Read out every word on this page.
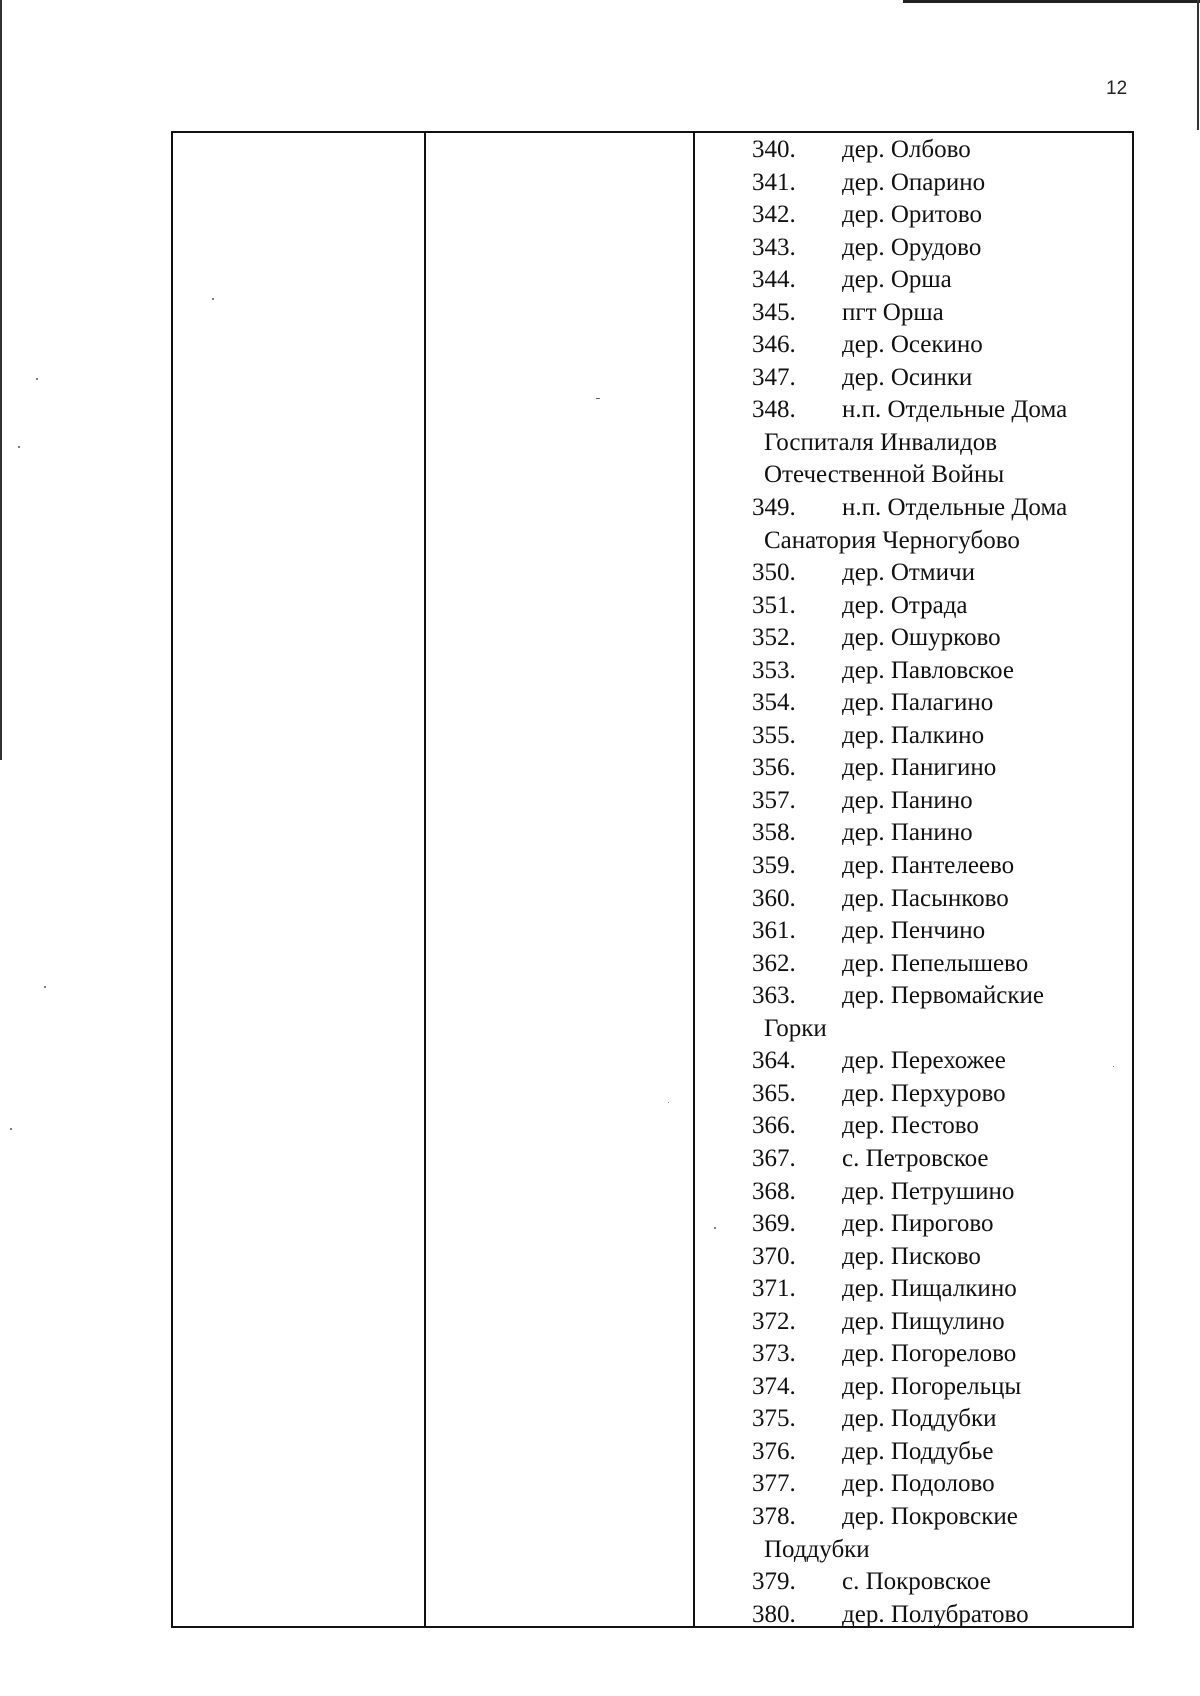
12
340. дер. Олбово
341. дер. Опарино
342. дер. Оритово
343. дер. Орудово
344. дер. Орша
345. пгт Орша
346. дер. Осекино
347. дер. Осинки
348. н.п. Отдельные Дома
Госпиталя Инвалидов
Отечественной Войны
349. н.п. Отдельные Дома
Санатория Черногубово
350. дер. Отмичи
351. дер. Отрада
352. дер. Ошурково
353. дер. Павловское
354. дер. Палагино
355. дер. Палкино
356. дер. Панигино
357. дер. Панино
358. дер. Панино
359. дер. Пантелеево
360. дер. Пасынково
361. дер. Пенчино
362. дер. Пепелышево
363. дер. Первомайские
Горки
364. дер. Перехожее
365. дер. Перхурово
366. дер. Пестово
367. с. Петровское
368. дер. Петрушино
369. дер. Пирогово
370. дер. Писково
371. дер. Пищалкино
372. дер. Пищулино
373. дер. Погорелово
374. дер. Погорельцы
375. дер. Поддубки
376. дер. Поддубье
377. дер. Подолово
378. дер. Покровские
Поддубки
379. с. Покровское
380. дер. Полубратово
